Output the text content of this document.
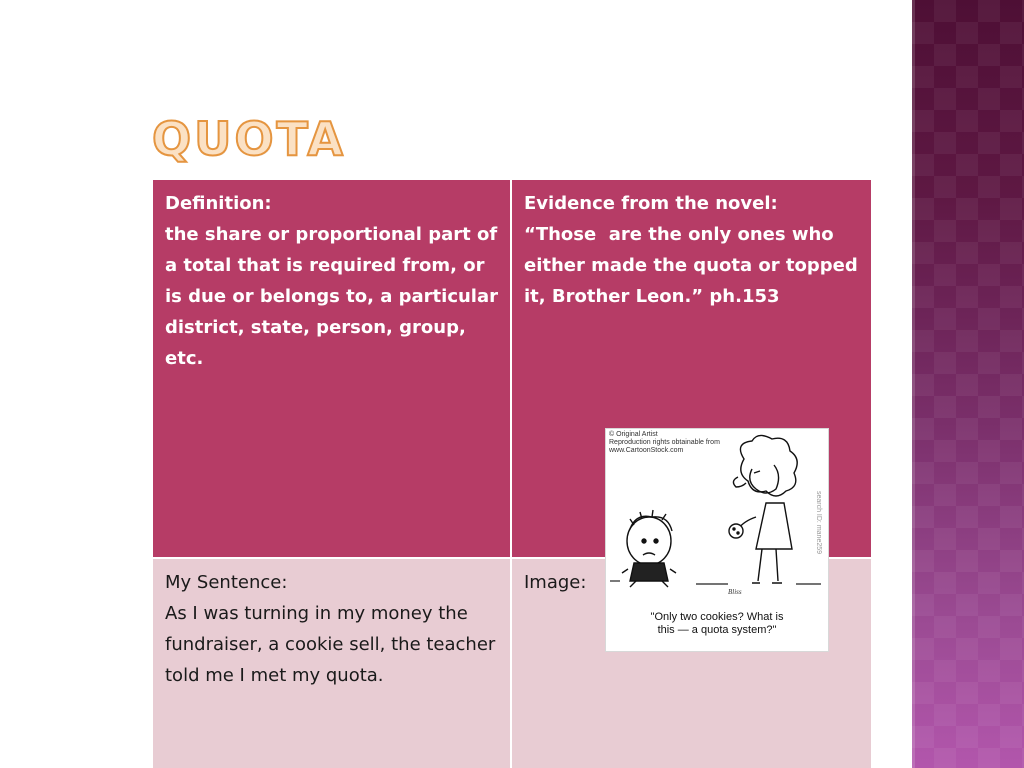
QUOTA
Definition:
the share or proportional part of a total that is required from, or is due or belongs to, a particular district, state, person, group, etc.
Evidence from the novel:
“Those  are the only ones who either made the quota or topped it, Brother Leon.” ph.153
My Sentence:
As I was turning in my money the fundraiser, a cookie sell, the teacher told me I met my quota.
Image:
© Original Artist
Reproduction rights obtainable from
www.CartoonStock.com
search ID: mane259
Bliss
"Only two cookies? What is
this — a quota system?"
